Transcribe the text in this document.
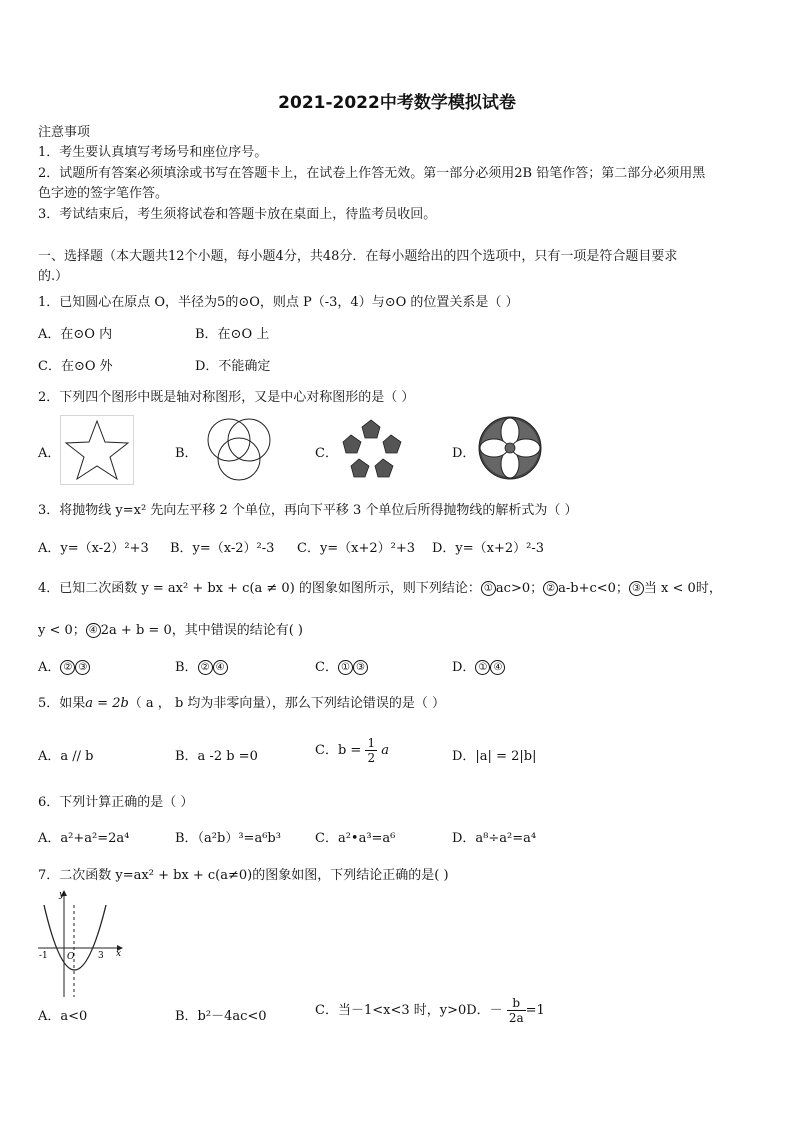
2021-2022中考数学模拟试卷
注意事项
1．考生要认真填写考场号和座位序号。
2．试题所有答案必须填涂或书写在答题卡上，在试卷上作答无效。第一部分必须用2B 铅笔作答；第二部分必须用黑
色字迹的签字笔作答。
3．考试结束后，考生须将试卷和答题卡放在桌面上，待监考员收回。
一、选择题（本大题共12个小题，每小题4分，共48分．在每小题给出的四个选项中，只有一项是符合题目要求
的.）
1．已知圆心在原点 O，半径为5的⊙O，则点 P（-3，4）与⊙O 的位置关系是（ ）
A．在⊙O 内	B．在⊙O 上
C．在⊙O 外	D．不能确定
2．下列四个图形中既是轴对称图形，又是中心对称图形的是（ ）
A．	B．	C．	D．
3．将抛物线 y=x² 先向左平移 2 个单位，再向下平移 3 个单位后所得抛物线的解析式为（ ）
A．y=（x-2）²+3 B．y=（x-2）²-3 C．y=（x+2）²+3 D．y=（x+2）²-3
4．已知二次函数 y = ax² + bx + c(a ≠ 0) 的图象如图所示，则下列结论： ① ac>0； ② a-b+c<0； ③ 当 x < 0时，
y < 0； ④ 2a + b = 0，其中错误的结论有( )
A． ② ③	B． ② ④	C． ① ③	D． ① ④
5．如果a = 2b（ a ， b 均为非零向量），那么下列结论错误的是（ ）
A．a // b	B．a -2 b =0	C．$b = \frac{1}{2}$ a	D．|a| = 2|b|
6．下列计算正确的是（ ）
A．a²+a²=2a⁴	B．（a²b）³=a⁶b³	C．a²•a³=a⁶	D．a⁸÷a²=a⁴
7．二次函数 y=ax² + bx + c(a≠0)的图象如图，下列结论正确的是( )
y
x
O
-1	3
A．a<0	B．b²－4ac<0	C．当－1<x<3 时，y>0D．－ $\frac{b}{2a} =1$
